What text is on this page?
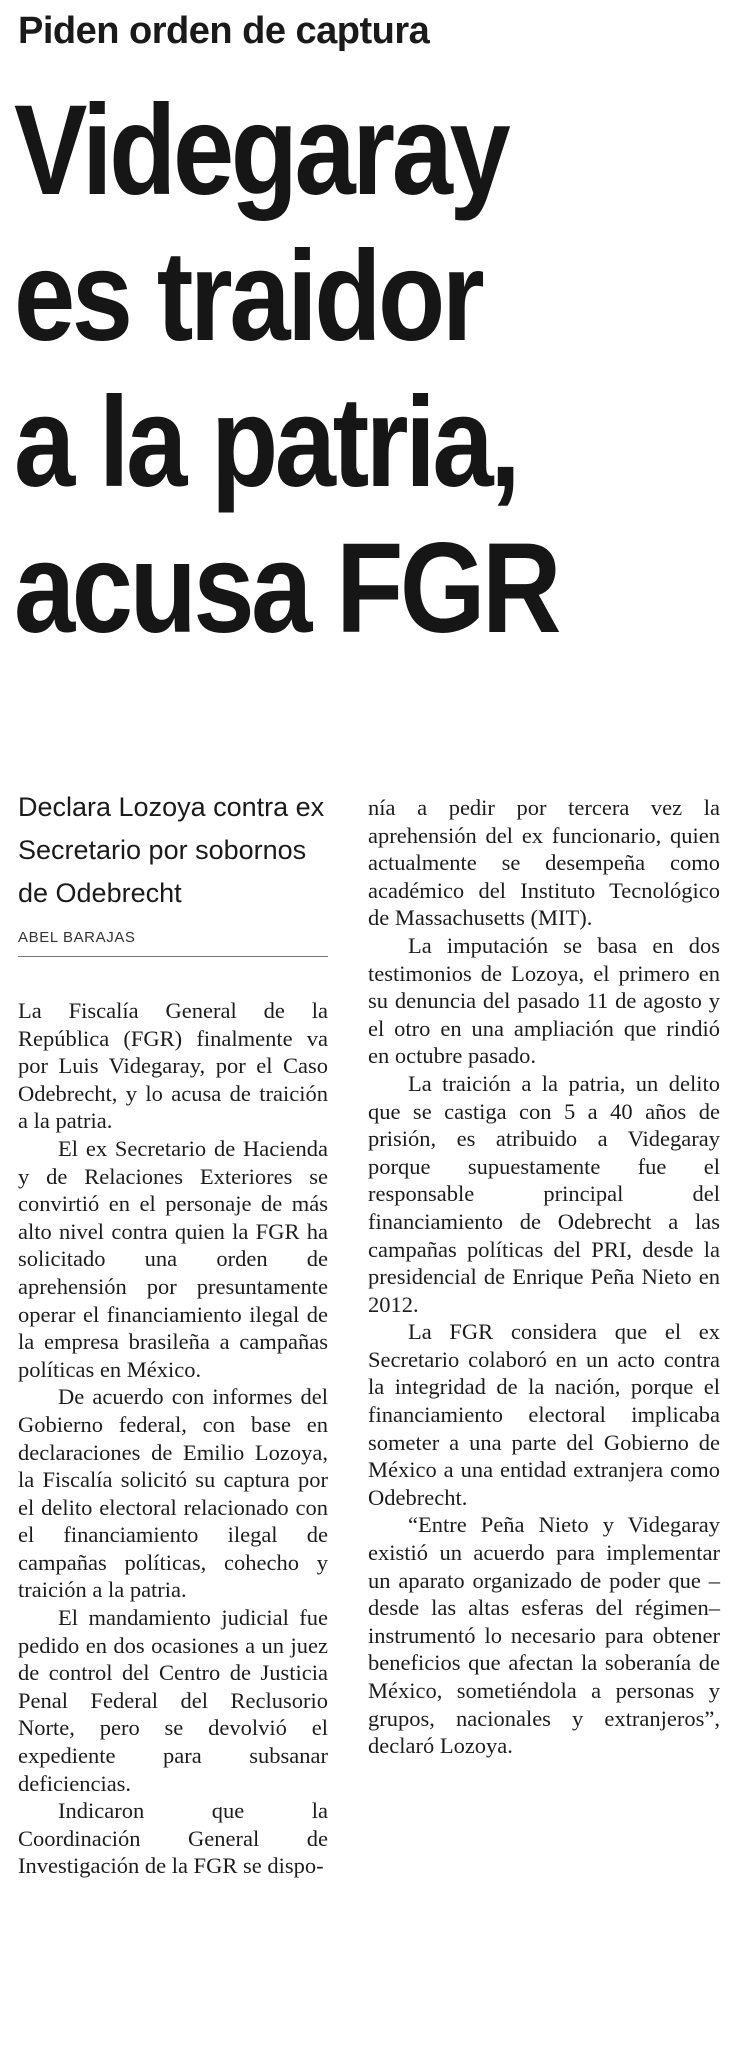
Piden orden de captura
Videgaray
es traidor
a la patria,
acusa FGR

Declara Lozoya contra ex Secretario por sobornos de Odebrecht

ABEL BARAJAS

La Fiscalía General de la República (FGR) finalmente va por Luis Videgaray, por el Caso Odebrecht, y lo acusa de traición a la patria.

El ex Secretario de Hacienda y de Relaciones Exteriores se convirtió en el personaje de más alto nivel contra quien la FGR ha solicitado una orden de aprehensión por presuntamente operar el financiamiento ilegal de la empresa brasileña a campañas políticas en México.

De acuerdo con informes del Gobierno federal, con base en declaraciones de Emilio Lozoya, la Fiscalía solicitó su captura por el delito electoral relacionado con el financiamiento ilegal de campañas políticas, cohecho y traición a la patria.

El mandamiento judicial fue pedido en dos ocasiones a un juez de control del Centro de Justicia Penal Federal del Reclusorio Norte, pero se devolvió el expediente para subsanar deficiencias.

Indicaron que la Coordinación General de Investigación de la FGR se dispo-

nía a pedir por tercera vez la aprehensión del ex funcionario, quien actualmente se desempeña como académico del Instituto Tecnológico de Massachusetts (MIT).

La imputación se basa en dos testimonios de Lozoya, el primero en su denuncia del pasado 11 de agosto y el otro en una ampliación que rindió en octubre pasado.

La traición a la patria, un delito que se castiga con 5 a 40 años de prisión, es atribuido a Videgaray porque supuestamente fue el responsable principal del financiamiento de Odebrecht a las campañas políticas del PRI, desde la presidencial de Enrique Peña Nieto en 2012.

La FGR considera que el ex Secretario colaboró en un acto contra la integridad de la nación, porque el financiamiento electoral implicaba someter a una parte del Gobierno de México a una entidad extranjera como Odebrecht.

“Entre Peña Nieto y Videgaray existió un acuerdo para implementar un aparato organizado de poder que –desde las altas esferas del régimen– instrumentó lo necesario para obtener beneficios que afectan la soberanía de México, sometiéndola a personas y grupos, nacionales y extranjeros”, declaró Lozoya.
